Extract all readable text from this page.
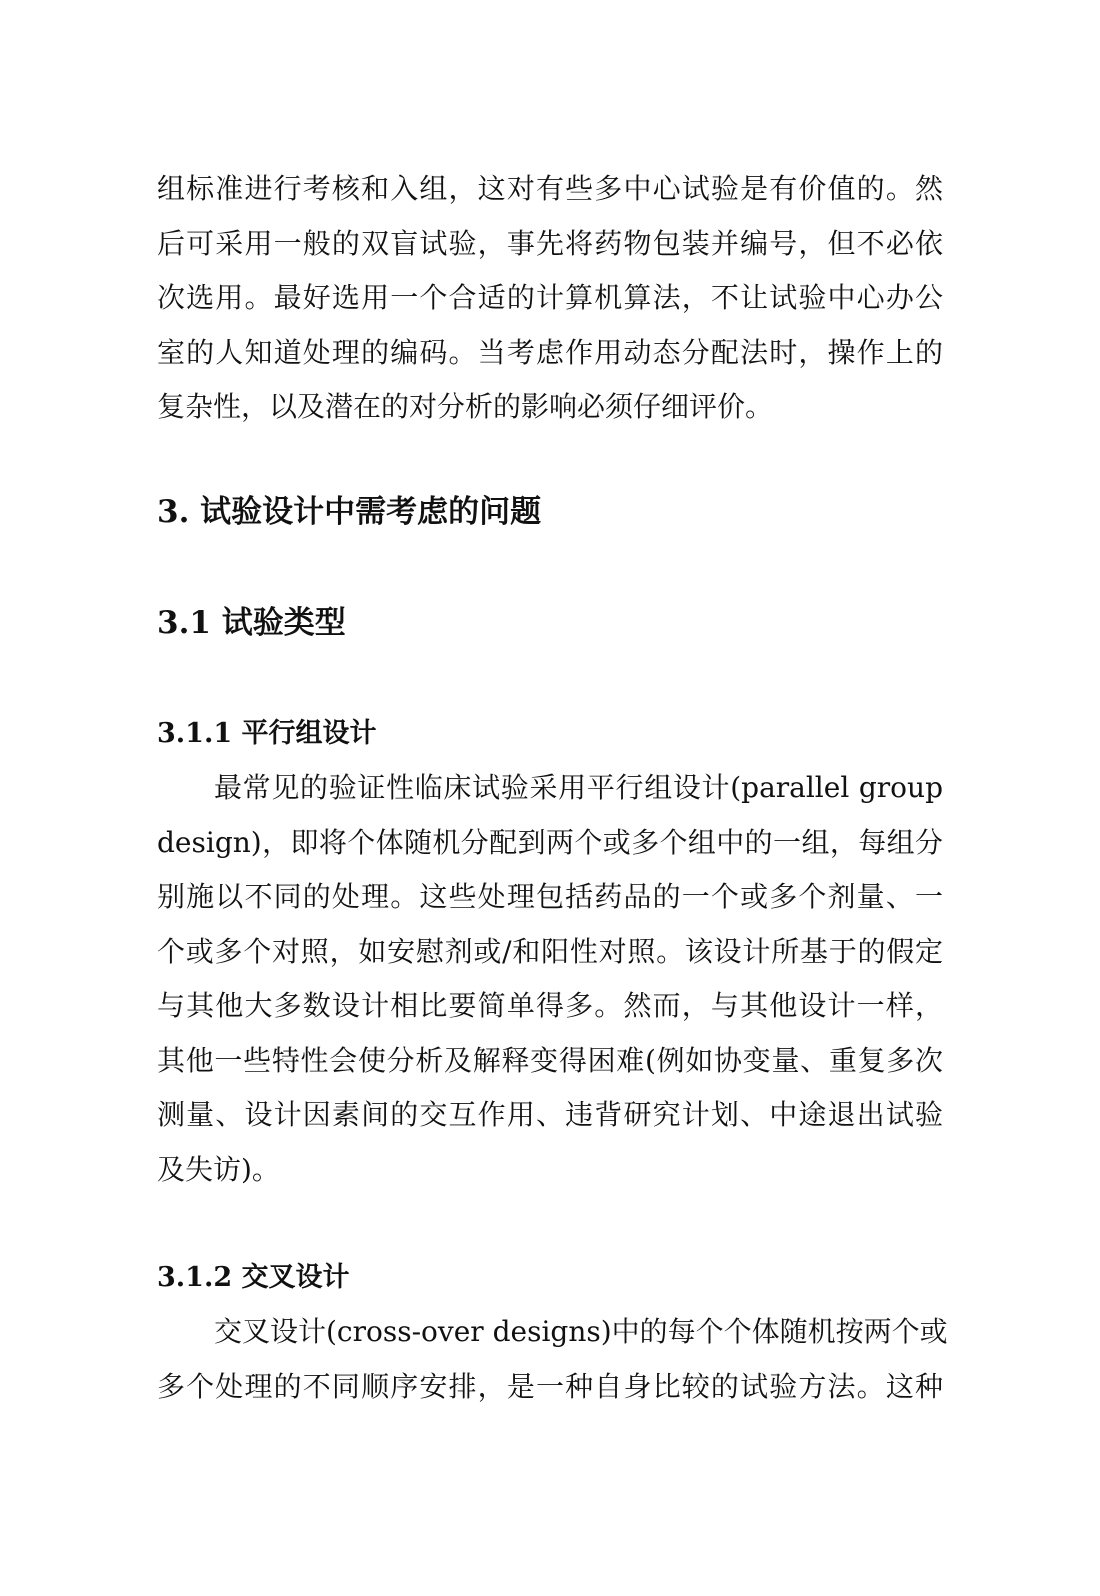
组标准进行考核和入组，这对有些多中心试验是有价值的。然
后可采用一般的双盲试验，事先将药物包装并编号，但不必依
次选用。最好选用一个合适的计算机算法，不让试验中心办公
室的人知道处理的编码。当考虑作用动态分配法时，操作上的
复杂性，以及潜在的对分析的影响必须仔细评价。

3. 试验设计中需考虑的问题
3.1 试验类型
3.1.1 平行组设计

最常见的验证性临床试验采用平行组设计(parallel group
design)，即将个体随机分配到两个或多个组中的一组，每组分
别施以不同的处理。这些处理包括药品的一个或多个剂量、一
个或多个对照，如安慰剂或/和阳性对照。该设计所基于的假定
与其他大多数设计相比要简单得多。然而，与其他设计一样，
其他一些特性会使分析及解释变得困难(例如协变量、重复多次
测量、设计因素间的交互作用、违背研究计划、中途退出试验
及失访)。

3.1.2 交叉设计

交叉设计(cross-over designs)中的每个个体随机按两个或
多个处理的不同顺序安排，是一种自身比较的试验方法。这种
